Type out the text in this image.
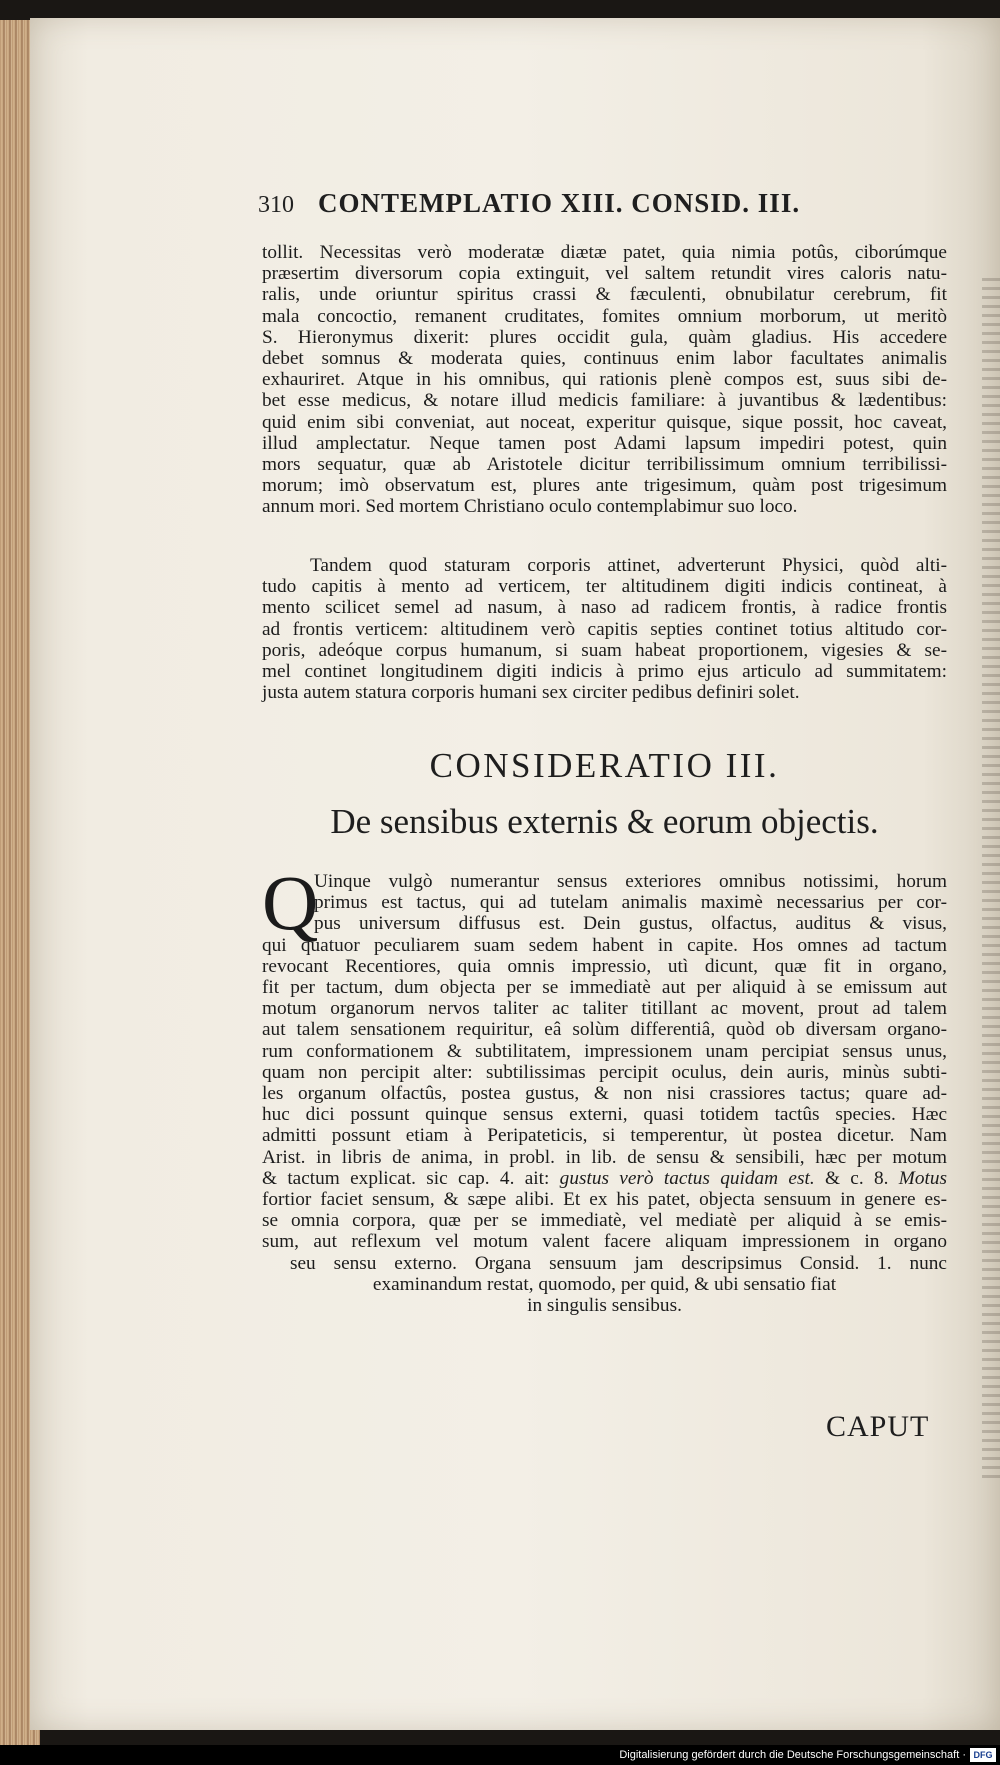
310 CONTEMPLATIO XIII. CONSID. III.
tollit. Necessitas verò moderatæ diætæ patet, quia nimia potûs, ciborúmque
præsertim diversorum copia extinguit, vel saltem retundit vires caloris natu-
ralis, unde oriuntur spiritus crassi & fæculenti, obnubilatur cerebrum, fit
mala concoctio, remanent cruditates, fomites omnium morborum, ut meritò
S. Hieronymus dixerit: plures occidit gula, quàm gladius. His accedere
debet somnus & moderata quies, continuus enim labor facultates animalis
exhauriret. Atque in his omnibus, qui rationis plenè compos est, suus sibi de-
bet esse medicus, & notare illud medicis familiare: à juvantibus & lædentibus:
quid enim sibi conveniat, aut noceat, experitur quisque, sique possit, hoc caveat,
illud amplectatur. Neque tamen post Adami lapsum impediri potest, quin
mors sequatur, quæ ab Aristotele dicitur terribilissimum omnium terribilissi-
morum; imò observatum est, plures ante trigesimum, quàm post trigesimum
annum mori. Sed mortem Christiano oculo contemplabimur suo loco.
Tandem quod staturam corporis attinet, adverterunt Physici, quòd alti-
tudo capitis à mento ad verticem, ter altitudinem digiti indicis contineat, à
mento scilicet semel ad nasum, à naso ad radicem frontis, à radice frontis
ad frontis verticem: altitudinem verò capitis septies continet totius altitudo cor-
poris, adeóque corpus humanum, si suam habeat proportionem, vigesies & se-
mel continet longitudinem digiti indicis à primo ejus articulo ad summitatem:
justa autem statura corporis humani sex circiter pedibus definiri solet.
CONSIDERATIO III.
De sensibus externis & eorum objectis.
Q
Uinque vulgò numerantur sensus exteriores omnibus notissimi, horum
primus est tactus, qui ad tutelam animalis maximè necessarius per cor-
pus universum diffusus est. Dein gustus, olfactus, auditus & visus,
qui quatuor peculiarem suam sedem habent in capite. Hos omnes ad tactum
revocant Recentiores, quia omnis impressio, utì dicunt, quæ fit in organo,
fit per tactum, dum objecta per se immediatè aut per aliquid à se emissum aut
motum organorum nervos taliter ac taliter titillant ac movent, prout ad talem
aut talem sensationem requiritur, eâ solùm differentiâ, quòd ob diversam organo-
rum conformationem & subtilitatem, impressionem unam percipiat sensus unus,
quam non percipit alter: subtilissimas percipit oculus, dein auris, minùs subti-
les organum olfactûs, postea gustus, & non nisi crassiores tactus; quare ad-
huc dici possunt quinque sensus externi, quasi totidem tactûs species. Hæc
admitti possunt etiam à Peripateticis, si temperentur, ùt postea dicetur. Nam
Arist. in libris de anima, in probl. in lib. de sensu & sensibili, hæc per motum
& tactum explicat. sic cap. 4. ait: gustus verò tactus quidam est. & c. 8. Motus
fortior faciet sensum, & sæpe alibi. Et ex his patet, objecta sensuum in genere es-
se omnia corpora, quæ per se immediatè, vel mediatè per aliquid à se emis-
sum, aut reflexum vel motum valent facere aliquam impressionem in organo
seu sensu externo. Organa sensuum jam descripsimus Consid. 1. nunc
examinandum restat, quomodo, per quid, & ubi sensatio fiat
in singulis sensibus.
CAPUT
Digitalisierung gefördert durch die Deutsche Forschungsgemeinschaft · DFG
